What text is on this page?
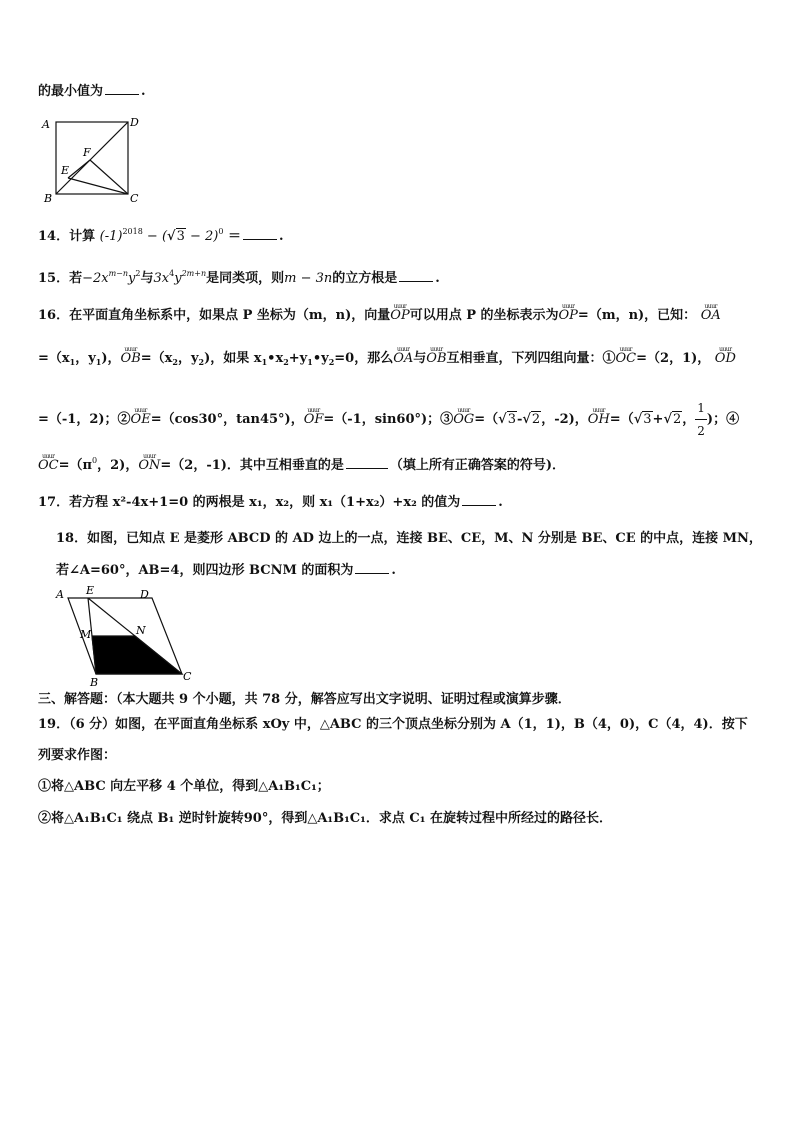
的最小值为	.
A	D
F
E
B	C
14．计算 $(-1)^{2018} - (√3 - 2)^0$ ＝	.
15．若$-2x^{m-n}y^2$与$3x^4y^{2m+n}$是同类项，则m − 3n的立方根是	.
16．在平面直角坐标系中，如果点 P 坐标为（m，n)，向量uuur OP可以用点 P 的坐标表示为uuur OP=（m，n)，已知： uuur OA
$=(x_1$，$y_1$)，uuur $OB=(x_2$，$y_2$)，如果 $x_1•x_2+y_1•y_2=0$，那么uuur OA与uuur OB互相垂直，下列四组向量：①uuur OC=（2，1)， uuur OD
=（-1，2)；②uuur OE=（cos30°，tan45°)，uuur OF=（-1，sin60°)；③uuur OG=（√3-√2，-2)，uuur OH=（√3+√2， $\frac{1}{2}$ )；④
uuur $OC=(\pi^0$，2)，uuur ON=（2，-1)．其中互相垂直的是	（填上所有正确答案的符号)．
17．若方程 x²-4x+1=0 的两根是 x₁，x₂，则 x₁（1+x₂）+x₂ 的值为	.
18．如图，已知点 E 是菱形 ABCD 的 AD 边上的一点，连接 BE、CE，M、N 分别是 BE、CE 的中点，连接 MN，
若∠A=60°，AB=4，则四边形 BCNM 的面积为	.
A E	D
M	N
B	C
三、解答题：（本大题共 9 个小题，共 78 分，解答应写出文字说明、证明过程或演算步骤．
19．（6 分）如图，在平面直角坐标系 xOy 中，△ABC 的三个顶点坐标分别为 A（1，1)，B（4，0)，C（4，4)．按下
列要求作图：
①将△ABC 向左平移 4 个单位，得到△A₁B₁C₁；
②将△A₁B₁C₁ 绕点 B₁ 逆时针旋转90°，得到△A₁B₁C₁．求点 C₁ 在旋转过程中所经过的路径长．
